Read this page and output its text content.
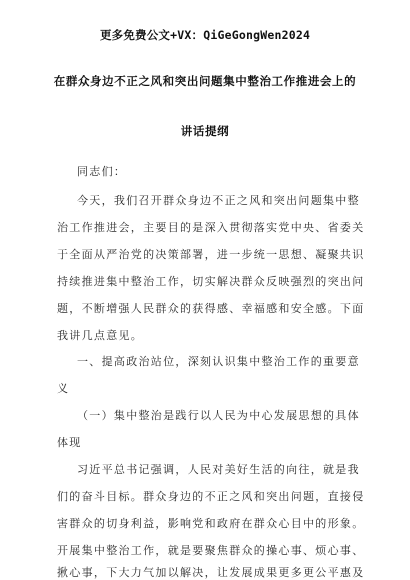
更多免费公文+VX：QiGeGongWen2024
在群众身边不正之风和突出问题集中整治工作推进会上的
讲话提纲
同志们：
今天，我们召开群众身边不正之风和突出问题集中整
治工作推进会，主要目的是深入贯彻落实党中央、省委关
于全面从严治党的决策部署，进一步统一思想、凝聚共识
持续推进集中整治工作，切实解决群众反映强烈的突出问
题，不断增强人民群众的获得感、幸福感和安全感。下面
我讲几点意见。
一、提高政治站位，深刻认识集中整治工作的重要意
义
（一）集中整治是践行以人民为中心发展思想的具体
体现
习近平总书记强调，人民对美好生活的向往，就是我
们的奋斗目标。群众身边的不正之风和突出问题，直接侵
害群众的切身利益，影响党和政府在群众心目中的形象。
开展集中整治工作，就是要聚焦群众的操心事、烦心事、
揪心事，下大力气加以解决，让发展成果更多更公平惠及
